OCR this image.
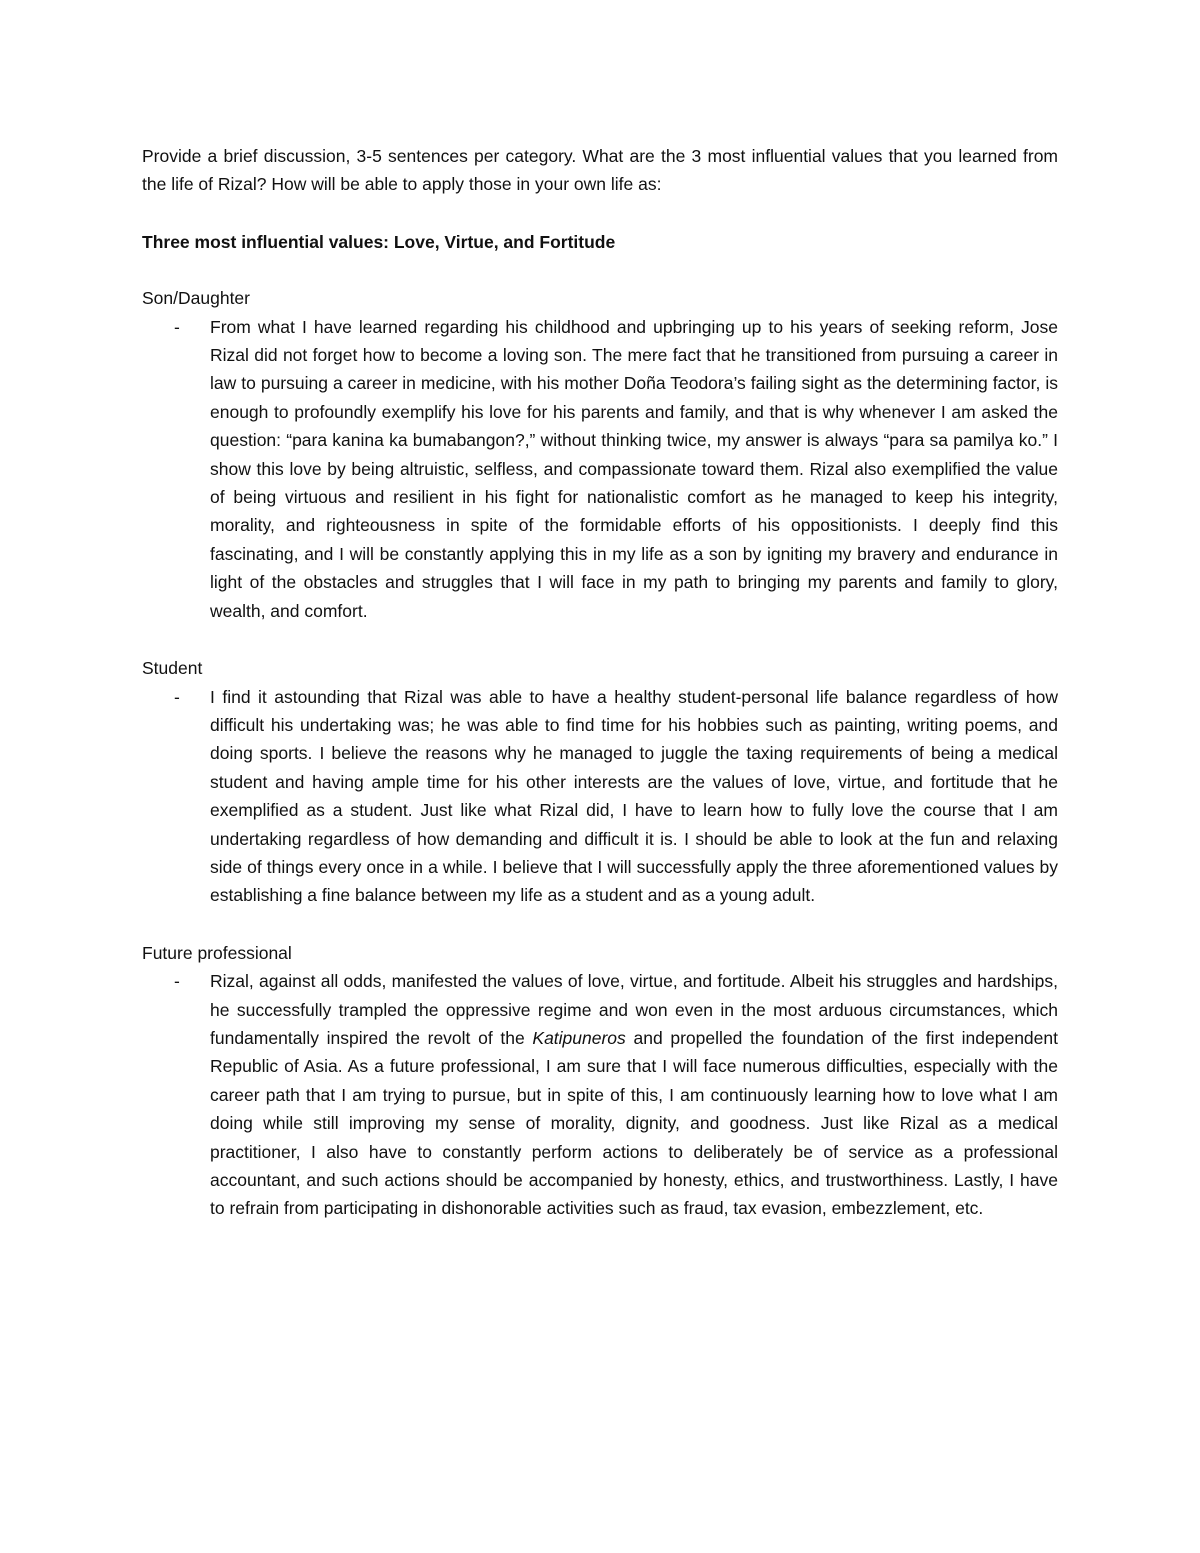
Provide a brief discussion, 3-5 sentences per category. What are the 3 most influential values that you learned from the life of Rizal? How will be able to apply those in your own life as:

Three most influential values: Love, Virtue, and Fortitude

Son/Daughter

-	From what I have learned regarding his childhood and upbringing up to his years of seeking reform, Jose Rizal did not forget how to become a loving son. The mere fact that he transitioned from pursuing a career in law to pursuing a career in medicine, with his mother Doña Teodora’s failing sight as the determining factor, is enough to profoundly exemplify his love for his parents and family, and that is why whenever I am asked the question: “para kanina ka bumabangon?,” without thinking twice, my answer is always “para sa pamilya ko.” I show this love by being altruistic, selfless, and compassionate toward them. Rizal also exemplified the value of being virtuous and resilient in his fight for nationalistic comfort as he managed to keep his integrity, morality, and righteousness in spite of the formidable efforts of his oppositionists. I deeply find this fascinating, and I will be constantly applying this in my life as a son by igniting my bravery and endurance in light of the obstacles and struggles that I will face in my path to bringing my parents and family to glory, wealth, and comfort.

Student

-	I find it astounding that Rizal was able to have a healthy student-personal life balance regardless of how difficult his undertaking was; he was able to find time for his hobbies such as painting, writing poems, and doing sports. I believe the reasons why he managed to juggle the taxing requirements of being a medical student and having ample time for his other interests are the values of love, virtue, and fortitude that he exemplified as a student. Just like what Rizal did, I have to learn how to fully love the course that I am undertaking regardless of how demanding and difficult it is. I should be able to look at the fun and relaxing side of things every once in a while. I believe that I will successfully apply the three aforementioned values by establishing a fine balance between my life as a student and as a young adult.

Future professional

-	Rizal, against all odds, manifested the values of love, virtue, and fortitude. Albeit his struggles and hardships, he successfully trampled the oppressive regime and won even in the most arduous circumstances, which fundamentally inspired the revolt of the Katipuneros and propelled the foundation of the first independent Republic of Asia. As a future professional, I am sure that I will face numerous difficulties, especially with the career path that I am trying to pursue, but in spite of this, I am continuously learning how to love what I am doing while still improving my sense of morality, dignity, and goodness. Just like Rizal as a medical practitioner, I also have to constantly perform actions to deliberately be of service as a professional accountant, and such actions should be accompanied by honesty, ethics, and trustworthiness. Lastly, I have to refrain from participating in dishonorable activities such as fraud, tax evasion, embezzlement, etc.
